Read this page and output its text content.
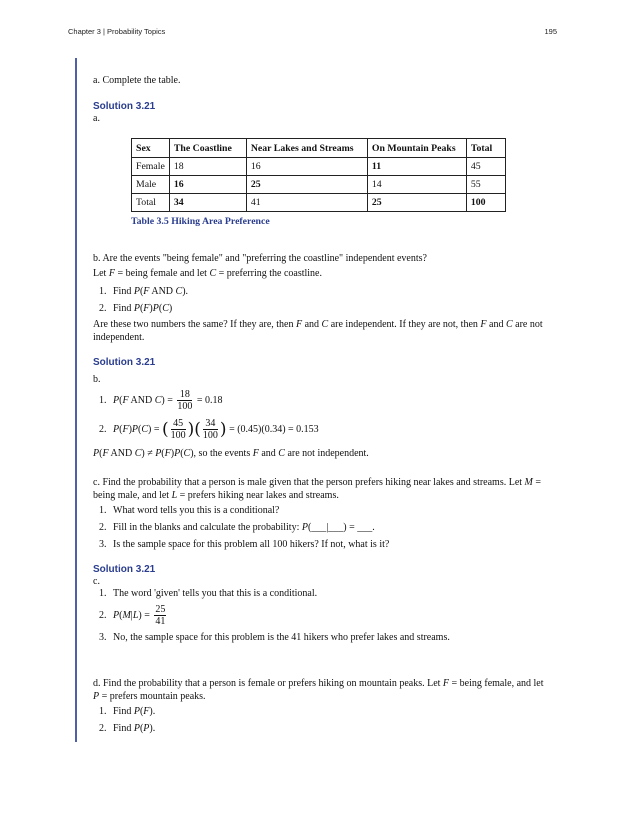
Chapter 3 | Probability Topics	195
a. Complete the table.
Solution 3.21
a.
Sex	The Coastline	Near Lakes and Streams	On Mountain Peaks	Total
Female	18	16	11	45
Male	16	25	14	55
Total	34	41	25	100
Table 3.5 Hiking Area Preference
b. Are the events "being female" and "preferring the coastline" independent events?
Let F = being female and let C = preferring the coastline.
1. Find P(F AND C).
2. Find P(F)P(C)
Are these two numbers the same? If they are, then F and C are independent. If they are not, then F and C are not independent.
Solution 3.21
b.
1. P(F AND $C) = \frac{18}{100} = 0.18$
2. P(F)P(C) = ( $\frac{45}{100}$ )( $\frac{34}{100}$ ) = (0.45)(0.34) = 0.153
P(F AND C) ≠ P(F)P(C), so the events F and C are not independent.
c. Find the probability that a person is male given that the person prefers hiking near lakes and streams. Let M = being male, and let L = prefers hiking near lakes and streams.
1. What word tells you this is a conditional?
2. Fill in the blanks and calculate the probability: P(___|___) = ___.
3. Is the sample space for this problem all 100 hikers? If not, what is it?
Solution 3.21
c.
1. The word 'given' tells you that this is a conditional.
2. $P(M|L) = \frac{25}{41}$
3. No, the sample space for this problem is the 41 hikers who prefer lakes and streams.
d. Find the probability that a person is female or prefers hiking on mountain peaks. Let F = being female, and let P = prefers mountain peaks.
1. Find P(F).
2. Find P(P).
